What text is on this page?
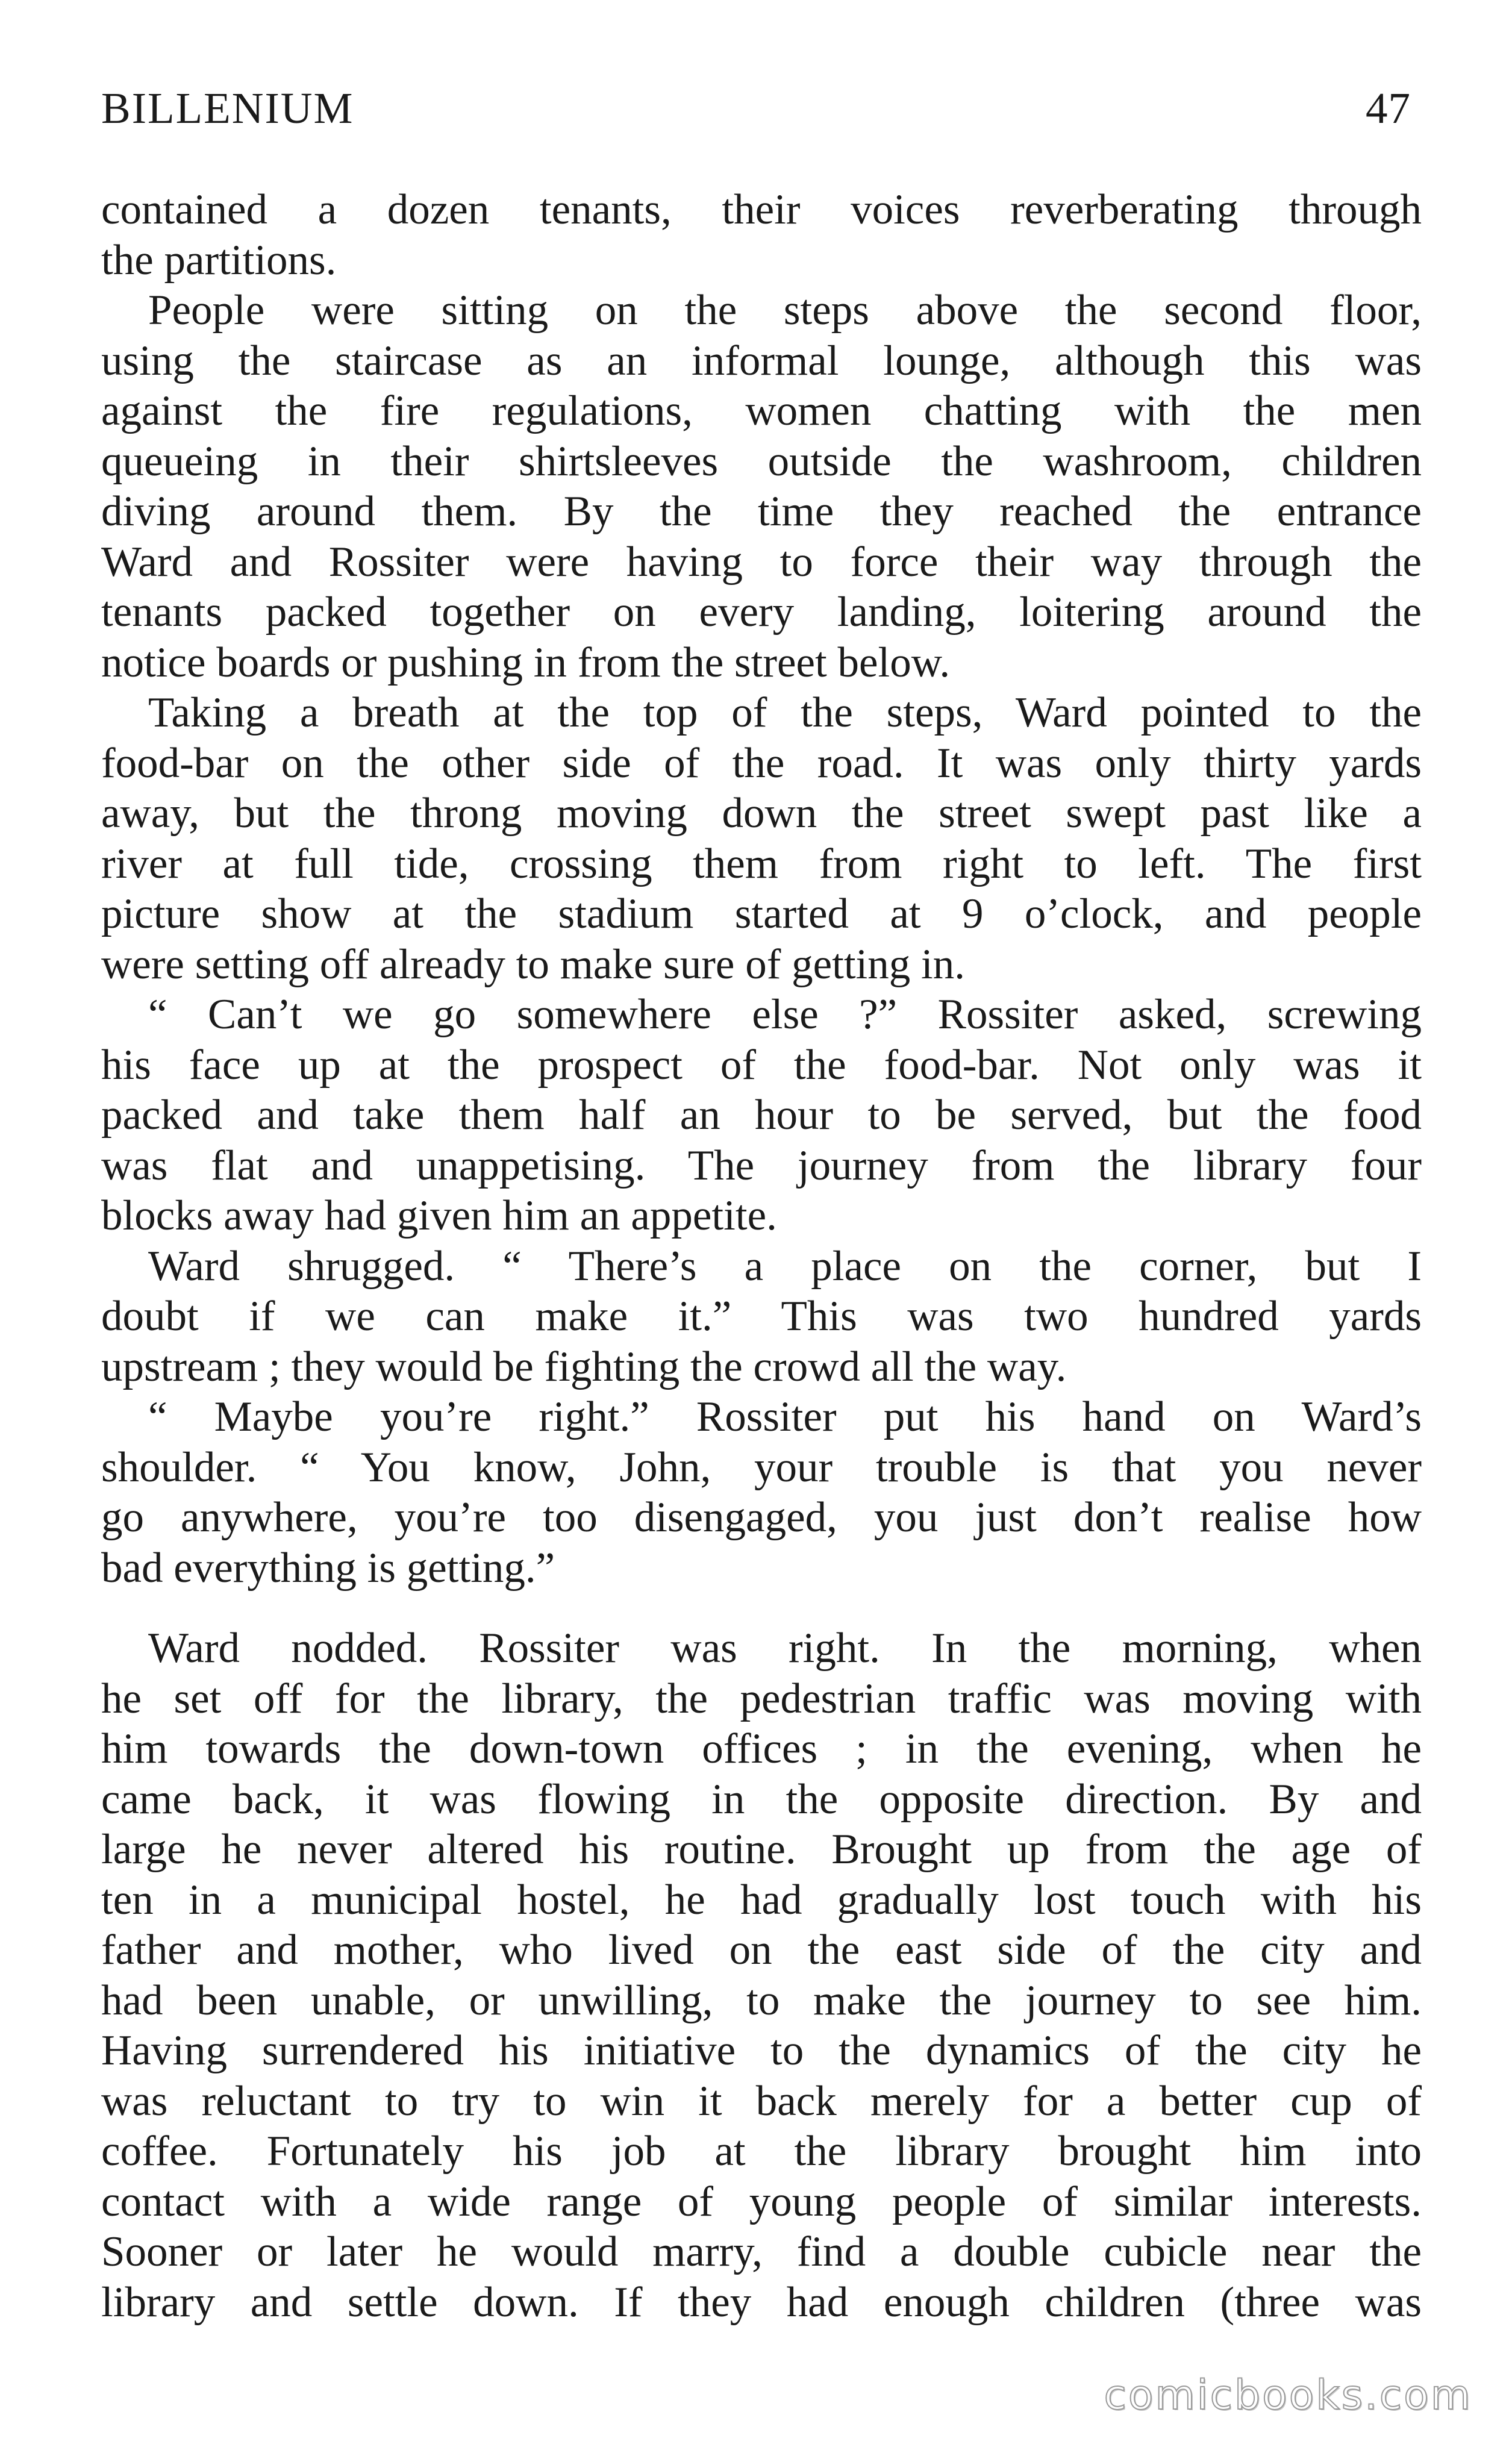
BILLENIUM	47
contained a dozen tenants, their voices reverberating through
the partitions.
People were sitting on the steps above the second floor,
using the staircase as an informal lounge, although this was
against the fire regulations, women chatting with the men
queueing in their shirtsleeves outside the washroom, children
diving around them. By the time they reached the entrance
Ward and Rossiter were having to force their way through the
tenants packed together on every landing, loitering around the
notice boards or pushing in from the street below.
Taking a breath at the top of the steps, Ward pointed to the
food-bar on the other side of the road. It was only thirty yards
away, but the throng moving down the street swept past like a
river at full tide, crossing them from right to left. The first
picture show at the stadium started at 9 o’clock, and people
were setting off already to make sure of getting in.
“ Can’t we go somewhere else ?” Rossiter asked, screwing
his face up at the prospect of the food-bar. Not only was it
packed and take them half an hour to be served, but the food
was flat and unappetising. The journey from the library four
blocks away had given him an appetite.
Ward shrugged. “ There’s a place on the corner, but I
doubt if we can make it.” This was two hundred yards
upstream ; they would be fighting the crowd all the way.
“ Maybe you’re right.” Rossiter put his hand on Ward’s
shoulder. “ You know, John, your trouble is that you never
go anywhere, you’re too disengaged, you just don’t realise how
bad everything is getting.”
Ward nodded. Rossiter was right. In the morning, when
he set off for the library, the pedestrian traffic was moving with
him towards the down-town offices ; in the evening, when he
came back, it was flowing in the opposite direction. By and
large he never altered his routine. Brought up from the age of
ten in a municipal hostel, he had gradually lost touch with his
father and mother, who lived on the east side of the city and
had been unable, or unwilling, to make the journey to see him.
Having surrendered his initiative to the dynamics of the city he
was reluctant to try to win it back merely for a better cup of
coffee. Fortunately his job at the library brought him into
contact with a wide range of young people of similar interests.
Sooner or later he would marry, find a double cubicle near the
library and settle down. If they had enough children (three was
comicbooks.com
